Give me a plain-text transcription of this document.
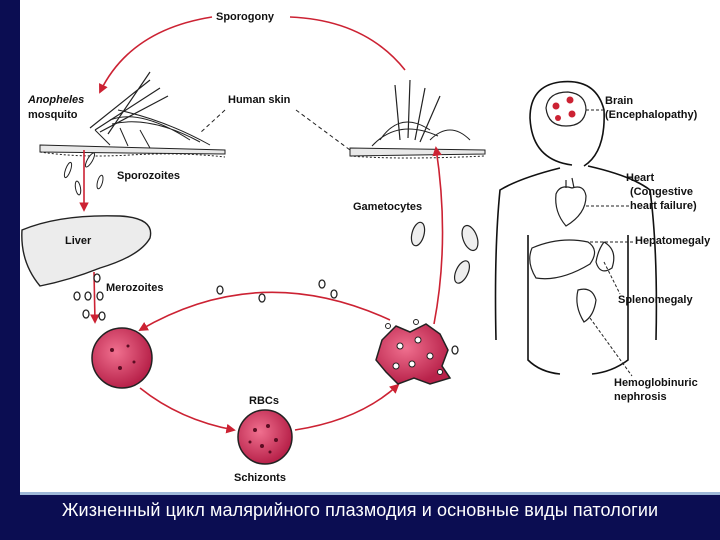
Sporogony
Anopheles
mosquito
Human skin
Sporozoites
Liver
Merozoites
RBCs
Schizonts
Gametocytes
Brain
(Encephalopathy)
Heart
(Congestive
heart failure)
Hepatomegaly
Splenomegaly
Hemoglobinuric
nephrosis
Жизненный цикл малярийного плазмодия и основные виды патологии
